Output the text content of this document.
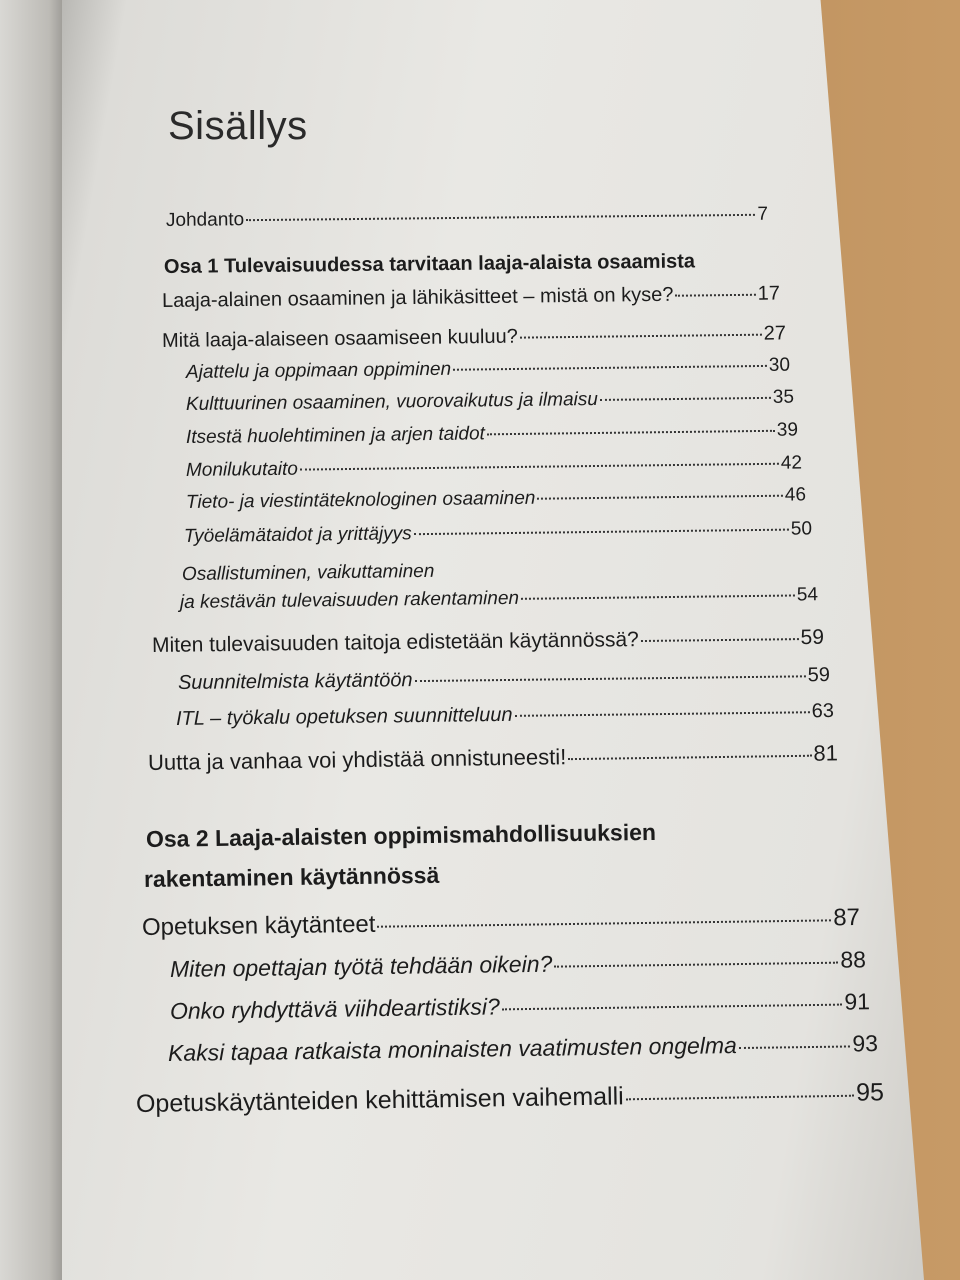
Sisällys
Johdanto	7
Osa 1 Tulevaisuudessa tarvitaan laaja-alaista osaamista
Laaja-alainen osaaminen ja lähikäsitteet – mistä on kyse?	17
Mitä laaja-alaiseen osaamiseen kuuluu?	27
Ajattelu ja oppimaan oppiminen	30
Kulttuurinen osaaminen, vuorovaikutus ja ilmaisu	35
Itsestä huolehtiminen ja arjen taidot	39
Monilukutaito	42
Tieto- ja viestintäteknologinen osaaminen	46
Työelämätaidot ja yrittäjyys	50
Osallistuminen, vaikuttaminen
ja kestävän tulevaisuuden rakentaminen	54
Miten tulevaisuuden taitoja edistetään käytännössä?	59
Suunnitelmista käytäntöön	59
ITL – työkalu opetuksen suunnitteluun	63
Uutta ja vanhaa voi yhdistää onnistuneesti!	81
Osa 2 Laaja-alaisten oppimismahdollisuuksien
rakentaminen käytännössä
Opetuksen käytänteet	87
Miten opettajan työtä tehdään oikein?	88
Onko ryhdyttävä viihdeartistiksi?	91
Kaksi tapaa ratkaista moninaisten vaatimusten ongelma	93
Opetuskäytänteiden kehittämisen vaihemalli	95
